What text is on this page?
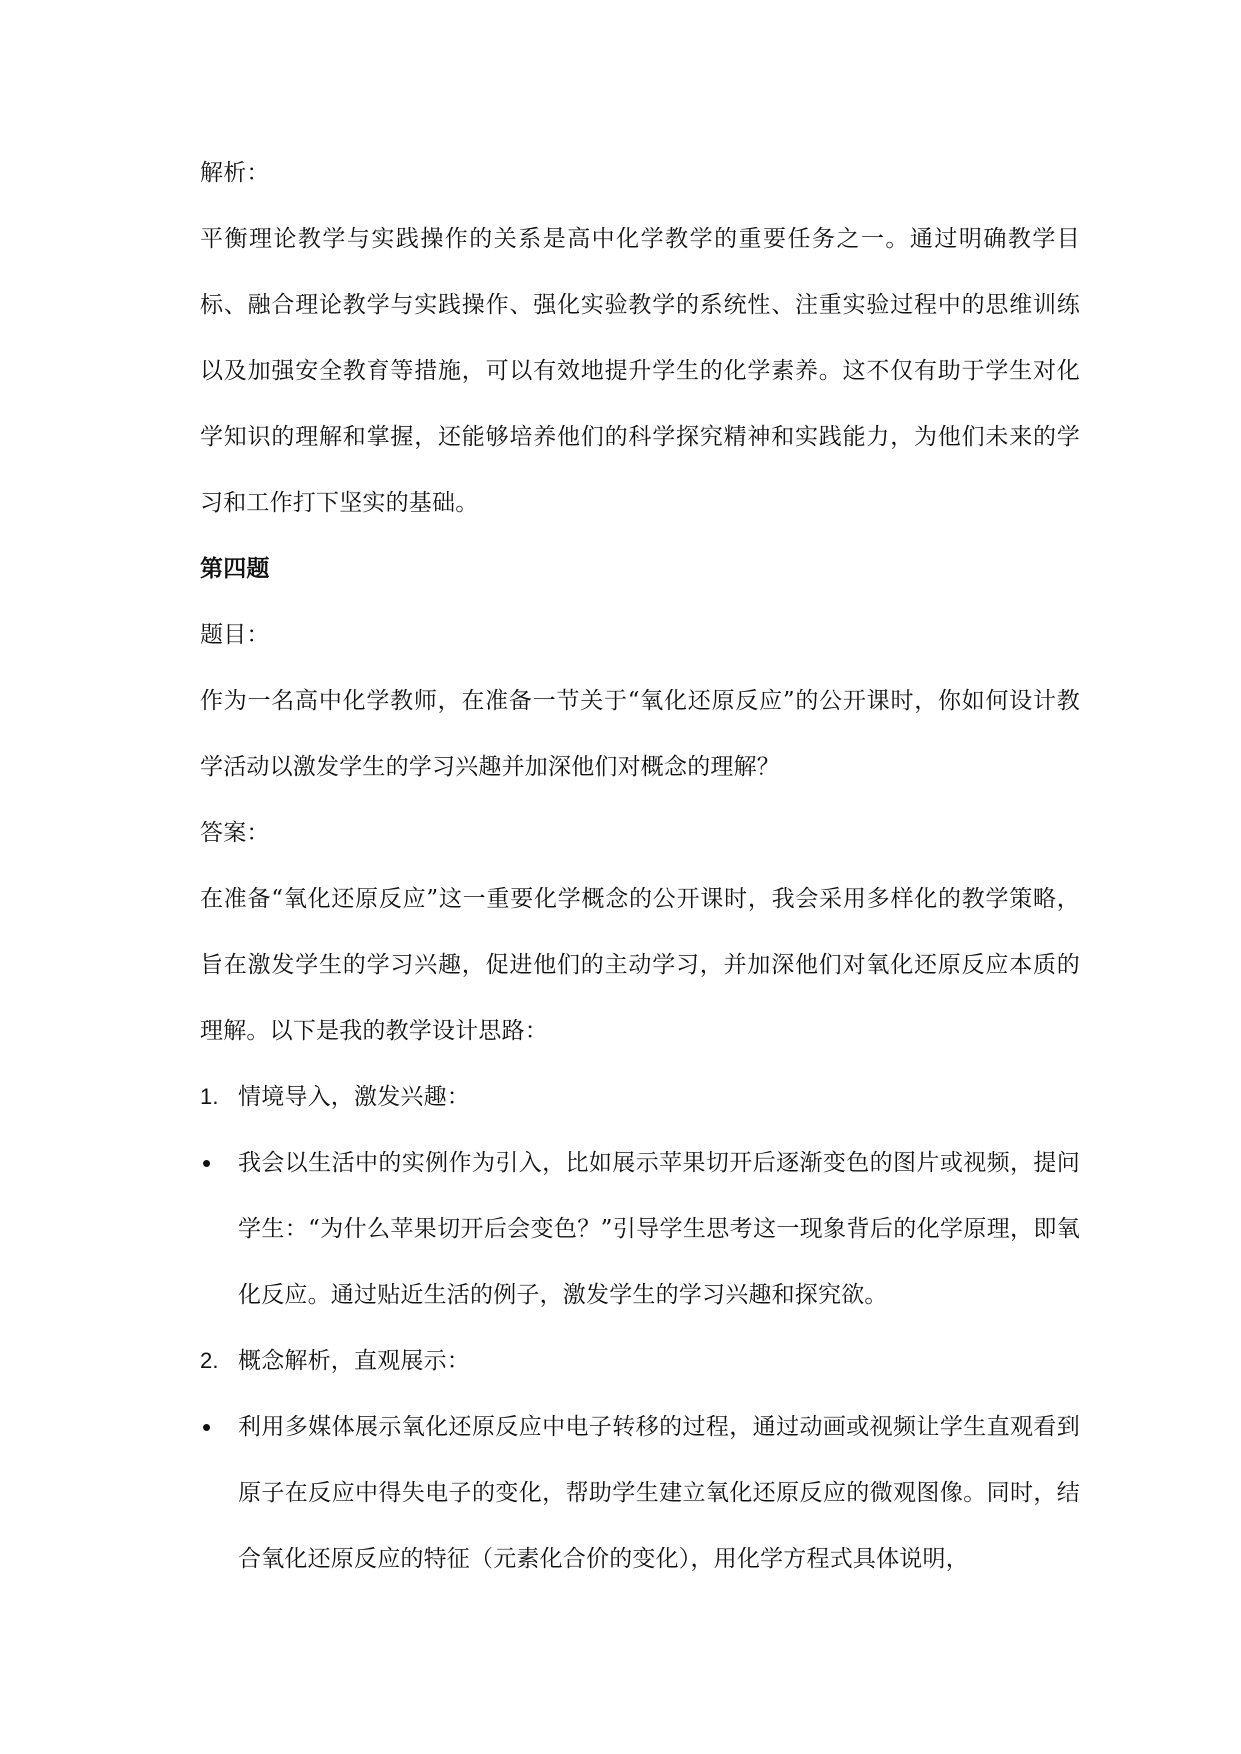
解析：

平衡理论教学与实践操作的关系是高中化学教学的重要任务之一。通过明确教学目标、融合理论教学与实践操作、强化实验教学的系统性、注重实验过程中的思维训练以及加强安全教育等措施，可以有效地提升学生的化学素养。这不仅有助于学生对化学知识的理解和掌握，还能够培养他们的科学探究精神和实践能力，为他们未来的学习和工作打下坚实的基础。

第四题

题目：

作为一名高中化学教师，在准备一节关于“氧化还原反应”的公开课时，你如何设计教学活动以激发学生的学习兴趣并加深他们对概念的理解？

答案：

在准备“氧化还原反应”这一重要化学概念的公开课时，我会采用多样化的教学策略，旨在激发学生的学习兴趣，促进他们的主动学习，并加深他们对氧化还原反应本质的理解。以下是我的教学设计思路：

1. 情境导入，激发兴趣：
•	我会以生活中的实例作为引入，比如展示苹果切开后逐渐变色的图片或视频，提问学生：“为什么苹果切开后会变色？”引导学生思考这一现象背后的化学原理，即氧化反应。通过贴近生活的例子，激发学生的学习兴趣和探究欲。
2. 概念解析，直观展示：
•	利用多媒体展示氧化还原反应中电子转移的过程，通过动画或视频让学生直观看到原子在反应中得失电子的变化，帮助学生建立氧化还原反应的微观图像。同时，结合氧化还原反应的特征（元素化合价的变化），用化学方程式具体说明，
